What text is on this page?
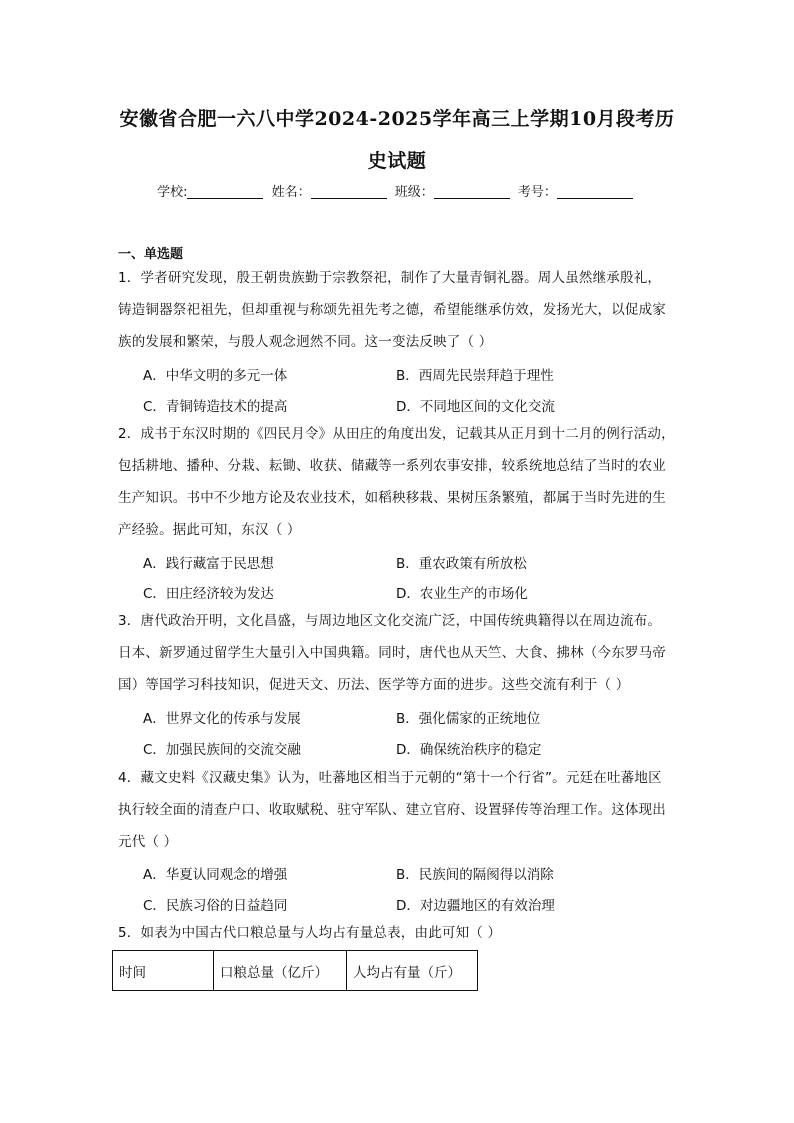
安徽省合肥一六八中学2024-2025学年高三上学期10月段考历
史试题
学校:	姓名：	班级：	考号：
一、单选题
1．学者研究发现，殷王朝贵族勤于宗教祭祀，制作了大量青铜礼器。周人虽然继承殷礼，
铸造铜器祭祀祖先，但却重视与称颂先祖先考之德，希望能继承仿效，发扬光大，以促成家
族的发展和繁荣，与殷人观念迥然不同。这一变法反映了（ ）
A．中华文明的多元一体	B．西周先民崇拜趋于理性
C．青铜铸造技术的提高	D．不同地区间的文化交流
2．成书于东汉时期的《四民月令》从田庄的角度出发，记载其从正月到十二月的例行活动，
包括耕地、播种、分栽、耘锄、收获、储藏等一系列农事安排，较系统地总结了当时的农业
生产知识。书中不少地方论及农业技术，如稻秧移栽、果树压条繁殖，都属于当时先进的生
产经验。据此可知，东汉（ ）
A．践行藏富于民思想	B．重农政策有所放松
C．田庄经济较为发达	D．农业生产的市场化
3．唐代政治开明，文化昌盛，与周边地区文化交流广泛，中国传统典籍得以在周边流布。
日本、新罗通过留学生大量引入中国典籍。同时，唐代也从天竺、大食、拂林（今东罗马帝
国）等国学习科技知识，促进天文、历法、医学等方面的进步。这些交流有利于（ ）
A．世界文化的传承与发展	B．强化儒家的正统地位
C．加强民族间的交流交融	D．确保统治秩序的稳定
4．藏文史料《汉藏史集》认为，吐蕃地区相当于元朝的“第十一个行省”。元廷在吐蕃地区
执行较全面的清查户口、收取赋税、驻守军队、建立官府、设置驿传等治理工作。这体现出
元代（ ）
A．华夏认同观念的增强	B．民族间的隔阂得以消除
C．民族习俗的日益趋同	D．对边疆地区的有效治理
5．如表为中国古代口粮总量与人均占有量总表，由此可知（ ）
时间	口粮总量（亿斤）	人均占有量（斤）
